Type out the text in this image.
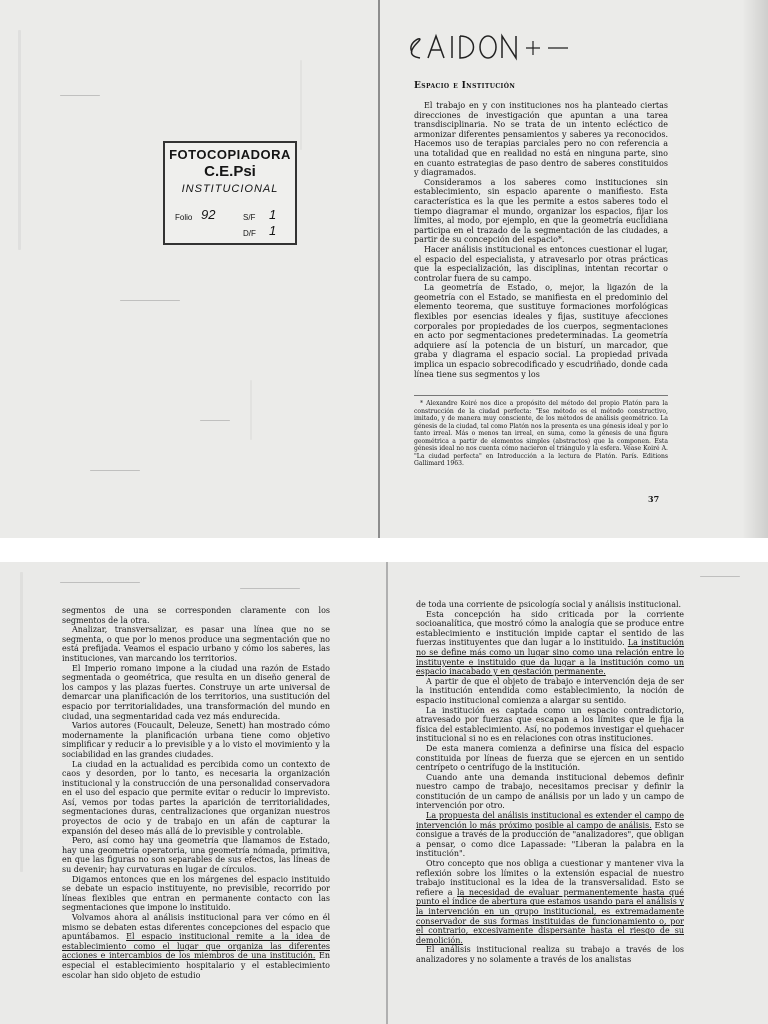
FOTOCOPIADORA
C.E.Psi
INSTITUCIONAL
Folio 92	S/F 1
D/F 1
Espacio e Institución

El trabajo en y con instituciones nos ha planteado ciertas direcciones de investigación que apuntan a una tarea transdisciplinaria. No se trata de un intento ecléctico de armonizar diferentes pensamientos y saberes ya reconocidos. Hacemos uso de terapias parciales pero no con referencia a una totalidad que en realidad no está en ninguna parte, sino en cuanto estrategias de paso dentro de saberes constituidos y diagramados.

Consideramos a los saberes como instituciones sin establecimiento, sin espacio aparente o manifiesto. Esta característica es la que les permite a estos saberes todo el tiempo diagramar el mundo, organizar los espacios, fijar los límites, al modo, por ejemplo, en que la geometría euclidiana participa en el trazado de la segmentación de las ciudades, a partir de su concepción del espacio*.

Hacer análisis institucional es entonces cuestionar el lugar, el espacio del especialista, y atravesarlo por otras prácticas que la especialización, las disciplinas, intentan recortar o controlar fuera de su campo.

La geometría de Estado, o, mejor, la ligazón de la geometría con el Estado, se manifiesta en el predominio del elemento teorema, que sustituye formaciones morfológicas flexibles por esencias ideales y fijas, sustituye afecciones corporales por propiedades de los cuerpos, segmentaciones en acto por segmentaciones predeterminadas. La geometría adquiere así la potencia de un bisturí, un marcador, que graba y diagrama el espacio social. La propiedad privada implica un espacio sobrecodificado y escudriñado, donde cada línea tiene sus segmentos y los

* Alexandre Koiré nos dice a propósito del método del propio Platón para la construcción de la ciudad perfecta: "Ese método es el método constructivo, imitado, y de manera muy consciente, de los métodos de análisis geométrico. La génesis de la ciudad, tal como Platón nos la presenta es una génesis ideal y por lo tanto irreal. Más o menos tan irreal, en suma, como la génesis de una figura geométrica a partir de elementos simples (abstractos) que la componen. Esta génesis ideal no nos cuenta cómo nacieron el triángulo y la esfera. Véase Koiré A. "La ciudad perfecta" en Introducción a la lectura de Platón. París. Editions Gallimard 1963.
37

segmentos de una se corresponden claramente con los segmentos de la otra.

Analizar, transversalizar, es pasar una línea que no se segmenta, o que por lo menos produce una segmentación que no está prefijada. Veamos el espacio urbano y cómo los saberes, las instituciones, van marcando los territorios.

El Imperio romano impone a la ciudad una razón de Estado segmentada o geométrica, que resulta en un diseño general de los campos y las plazas fuertes. Construye un arte universal de demarcar una planificación de los territorios, una sustitución del espacio por territorialidades, una transformación del mundo en ciudad, una segmentaridad cada vez más endurecida.

Varios autores (Foucault, Deleuze, Senett) han mostrado cómo modernamente la planificación urbana tiene como objetivo simplificar y reducir a lo previsible y a lo visto el movimiento y la sociabilidad en las grandes ciudades.

La ciudad en la actualidad es percibida como un contexto de caos y desorden, por lo tanto, es necesaria la organización institucional y la construcción de una personalidad conservadora en el uso del espacio que permite evitar o reducir lo imprevisto. Así, vemos por todas partes la aparición de territorialidades, segmentaciones duras, centralizaciones que organizan nuestros proyectos de ocio y de trabajo en un afán de capturar la expansión del deseo más allá de lo previsible y controlable.

Pero, así como hay una geometría que llamamos de Estado, hay una geometría operatoria, una geometría nómada, primitiva, en que las figuras no son separables de sus efectos, las líneas de su devenir; hay curvaturas en lugar de círculos.

Digamos entonces que en los márgenes del espacio instituido se debate un espacio instituyente, no previsible, recorrido por líneas flexibles que entran en permanente contacto con las segmentaciones que impone lo instituido.

Volvamos ahora al análisis institucional para ver cómo en él mismo se debaten estas diferentes concepciones del espacio que apuntábamos. El espacio institucional remite a la idea de establecimiento como el lugar que organiza las diferentes acciones e intercambios de los miembros de una institución. En especial el establecimiento hospitalario y el establecimiento escolar han sido objeto de estudio

de toda una corriente de psicología social y análisis institucional.

Esta concepción ha sido criticada por la corriente socioanalítica, que mostró cómo la analogía que se produce entre establecimiento e institución impide captar el sentido de las fuerzas instituyentes que dan lugar a lo instituido. La institución no se define más como un lugar sino como una relación entre lo instituyente e instituido que da lugar a la institución como un espacio inacabado y en gestación permanente.

A partir de que el objeto de trabajo e intervención deja de ser la institución entendida como establecimiento, la noción de espacio institucional comienza a alargar su sentido.

La institución es captada como un espacio contradictorio, atravesado por fuerzas que escapan a los límites que le fija la física del establecimiento. Así, no podemos investigar el quehacer institucional si no es en relaciones con otras instituciones.

De esta manera comienza a definirse una física del espacio constituida por líneas de fuerza que se ejercen en un sentido centrípeto o centrífugo de la institución.

Cuando ante una demanda institucional debemos definir nuestro campo de trabajo, necesitamos precisar y definir la constitución de un campo de análisis por un lado y un campo de intervención por otro.

La propuesta del análisis institucional es extender el campo de intervención lo más próximo posible al campo de análisis. Esto se consigue a través de la producción de "analizadores", que obligan a pensar, o como dice Lapassade: "Liberan la palabra en la institución".

Otro concepto que nos obliga a cuestionar y mantener viva la reflexión sobre los límites o la extensión espacial de nuestro trabajo institucional es la idea de la transversalidad. Esto se refiere a la necesidad de evaluar permanentemente hasta qué punto el índice de abertura que estamos usando para el análisis y la intervención en un grupo institucional, es extremadamente conservador de sus formas instituidas de funcionamiento o, por el contrario, excesivamente dispersante hasta el riesgo de su demolición.

El análisis institucional realiza su trabajo a través de los analizadores y no solamente a través de los analistas
